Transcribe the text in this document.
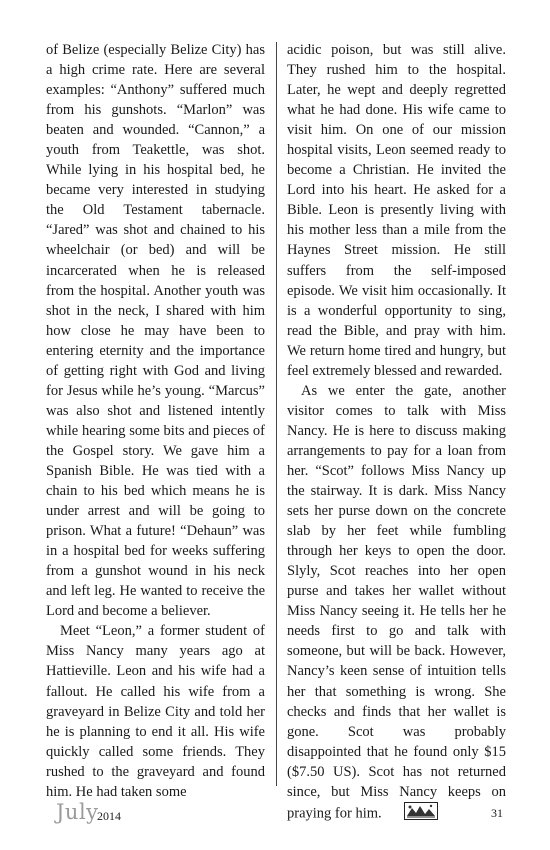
of Belize (especially Belize City) has a high crime rate. Here are several examples: “Anthony” suffered much from his gunshots. “Marlon” was beaten and wounded. “Cannon,” a youth from Teakettle, was shot. While lying in his hospital bed, he became very interested in studying the Old Testament tabernacle. “Jared” was shot and chained to his wheelchair (or bed) and will be incarcerated when he is released from the hospital. Another youth was shot in the neck, I shared with him how close he may have been to entering eternity and the importance of getting right with God and living for Jesus while he’s young. “Marcus” was also shot and listened intently while hearing some bits and pieces of the Gospel story. We gave him a Spanish Bible. He was tied with a chain to his bed which means he is under arrest and will be going to prison. What a future! “Dehaun” was in a hospital bed for weeks suffering from a gunshot wound in his neck and left leg. He wanted to receive the Lord and become a believer.

Meet “Leon,” a former student of Miss Nancy many years ago at Hattieville. Leon and his wife had a fallout. He called his wife from a graveyard in Belize City and told her he is planning to end it all. His wife quickly called some friends. They rushed to the graveyard and found him. He had taken some

acidic poison, but was still alive. They rushed him to the hospital. Later, he wept and deeply regretted what he had done. His wife came to visit him. On one of our mission hospital visits, Leon seemed ready to become a Christian. He invited the Lord into his heart. He asked for a Bible. Leon is presently living with his mother less than a mile from the Haynes Street mission. He still suffers from the self-imposed episode. We visit him occasionally. It is a wonderful opportunity to sing, read the Bible, and pray with him. We return home tired and hungry, but feel extremely blessed and rewarded.

As we enter the gate, another visitor comes to talk with Miss Nancy. He is here to discuss making arrangements to pay for a loan from her. “Scot” follows Miss Nancy up the stairway. It is dark. Miss Nancy sets her purse down on the concrete slab by her feet while fumbling through her keys to open the door. Slyly, Scot reaches into her open purse and takes her wallet without Miss Nancy seeing it. He tells her he needs first to go and talk with someone, but will be back. However, Nancy’s keen sense of intuition tells her that something is wrong. She checks and finds that her wallet is gone. Scot was probably disappointed that he found only $15 ($7.50 US). Scot has not returned since, but Miss Nancy keeps on praying for him.

July
2014	31
